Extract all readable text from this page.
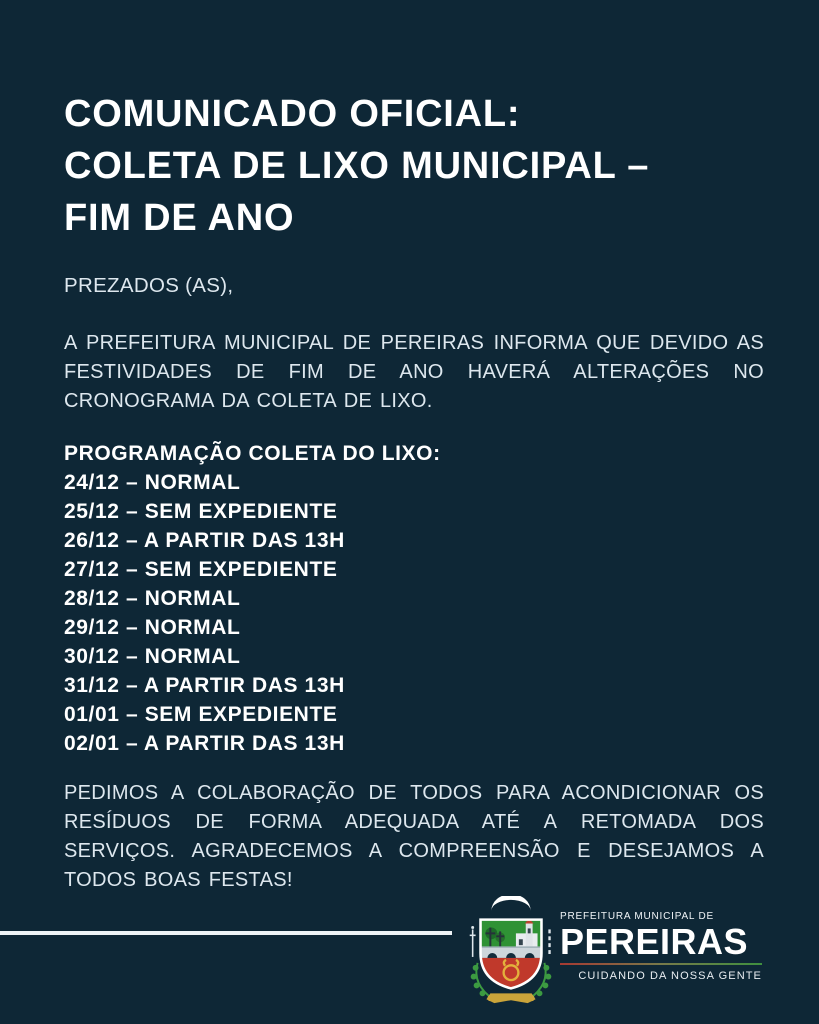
COMUNICADO OFICIAL:
COLETA DE LIXO MUNICIPAL –
FIM DE ANO

PREZADOS (AS),

A PREFEITURA MUNICIPAL DE PEREIRAS INFORMA QUE DEVIDO AS FESTIVIDADES DE FIM DE ANO HAVERÁ ALTERAÇÕES NO CRONOGRAMA DA COLETA DE LIXO.

PROGRAMAÇÃO COLETA DO LIXO:
24/12 – NORMAL
25/12 – SEM EXPEDIENTE
26/12 – A PARTIR DAS 13H
27/12 – SEM EXPEDIENTE
28/12 – NORMAL
29/12 – NORMAL
30/12 – NORMAL
31/12 – A PARTIR DAS 13H
01/01 – SEM EXPEDIENTE
02/01 – A PARTIR DAS 13H

PEDIMOS A COLABORAÇÃO DE TODOS PARA ACONDICIONAR OS RESÍDUOS DE FORMA ADEQUADA ATÉ A RETOMADA DOS SERVIÇOS. AGRADECEMOS A COMPREENSÃO E DESEJAMOS A TODOS BOAS FESTAS!

PREFEITURA MUNICIPAL DE
PEREIRAS
CUIDANDO DA NOSSA GENTE
